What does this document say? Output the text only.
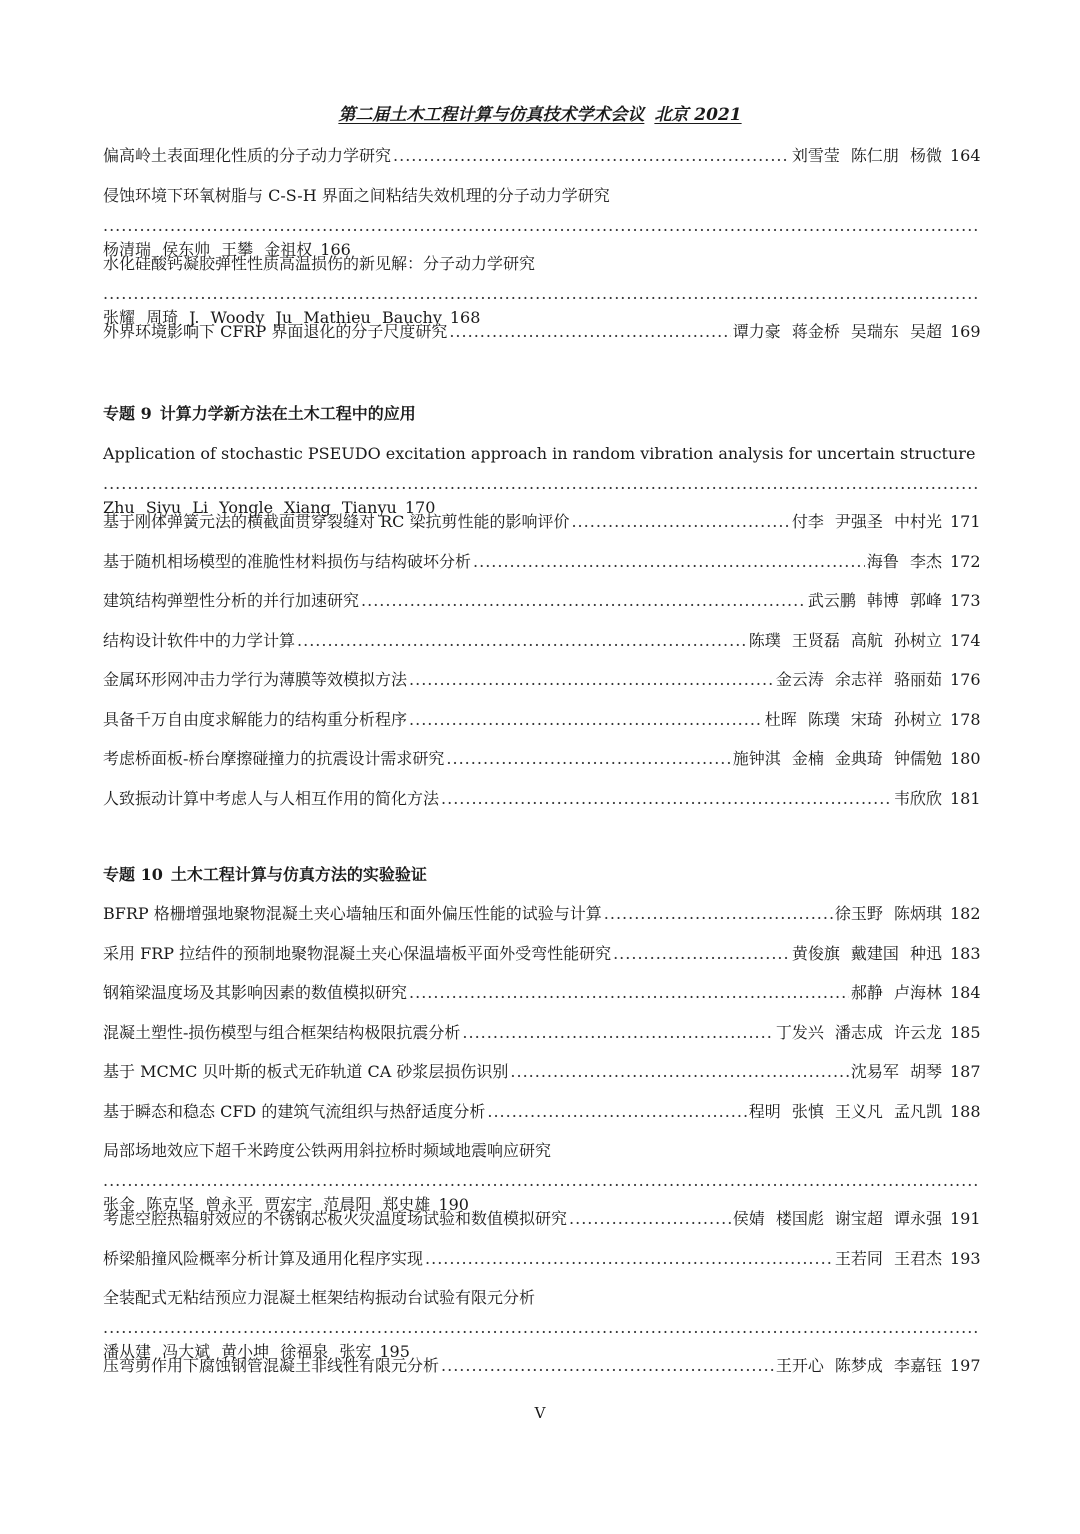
第二届土木工程计算与仿真技术学术会议 北京 2021
偏高岭土表面理化性质的分子动力学研究 .....	刘雪莹 陈仁朋 杨微 164
侵蚀环境下环氧树脂与 C-S-H 界面之间粘结失效机理的分子动力学研究
.....
杨清瑞 侯东帅 王攀 金祖权 166
水化硅酸钙凝胶弹性性质高温损伤的新见解：分子动力学研究
.....
张耀 周琦 J. Woody Ju Mathieu Bauchy 168
外界环境影响下 CFRP 界面退化的分子尺度研究 .....	谭力豪 蒋金桥 吴瑞东 吴超 169
专题 9 计算力学新方法在土木工程中的应用
Application of stochastic PSEUDO excitation approach in random vibration analysis for uncertain structure
.....
Zhu Siyu Li Yongle Xiang Tianyu 170
基于刚体弹簧元法的横截面贯穿裂缝对 RC 梁抗剪性能的影响评价 .....	付李 尹强圣 中村光 171
基于随机相场模型的准脆性材料损伤与结构破坏分析 .....	海鲁 李杰 172
建筑结构弹塑性分析的并行加速研究 .....	武云鹏 韩博 郭峰 173
结构设计软件中的力学计算 .....	陈璞 王贤磊 高航 孙树立 174
金属环形网冲击力学行为薄膜等效模拟方法 .....	金云涛 余志祥 骆丽茹 176
具备千万自由度求解能力的结构重分析程序 .....	杜晖 陈璞 宋琦 孙树立 178
考虑桥面板-桥台摩擦碰撞力的抗震设计需求研究 .....	施钟淇 金楠 金典琦 钟儒勉 180
人致振动计算中考虑人与人相互作用的简化方法 .....	韦欣欣 181
专题 10 土木工程计算与仿真方法的实验验证
BFRP 格栅增强地聚物混凝土夹心墙轴压和面外偏压性能的试验与计算 .....	徐玉野 陈炳琪 182
采用 FRP 拉结件的预制地聚物混凝土夹心保温墙板平面外受弯性能研究 .....	黄俊旗 戴建国 种迅 183
钢箱梁温度场及其影响因素的数值模拟研究 .....	郝静 卢海林 184
混凝土塑性-损伤模型与组合框架结构极限抗震分析 .....	丁发兴 潘志成 许云龙 185
基于 MCMC 贝叶斯的板式无砟轨道 CA 砂浆层损伤识别 .....	沈易军 胡琴 187
基于瞬态和稳态 CFD 的建筑气流组织与热舒适度分析 .....	程明 张慎 王义凡 孟凡凯 188
局部场地效应下超千米跨度公铁两用斜拉桥时频域地震响应研究
.....
张金 陈克坚 曾永平 贾宏宇 范晨阳 郑史雄 190
考虑空腔热辐射效应的不锈钢芯板火灾温度场试验和数值模拟研究 .....	侯婧 楼国彪 谢宝超 谭永强 191
桥梁船撞风险概率分析计算及通用化程序实现 .....	王若同 王君杰 193
全装配式无粘结预应力混凝土框架结构振动台试验有限元分析
.....
潘从建 冯大斌 黄小坤 徐福泉 张宏 195
压弯剪作用下腐蚀钢管混凝土非线性有限元分析 .....	王开心 陈梦成 李嘉钰 197
V
